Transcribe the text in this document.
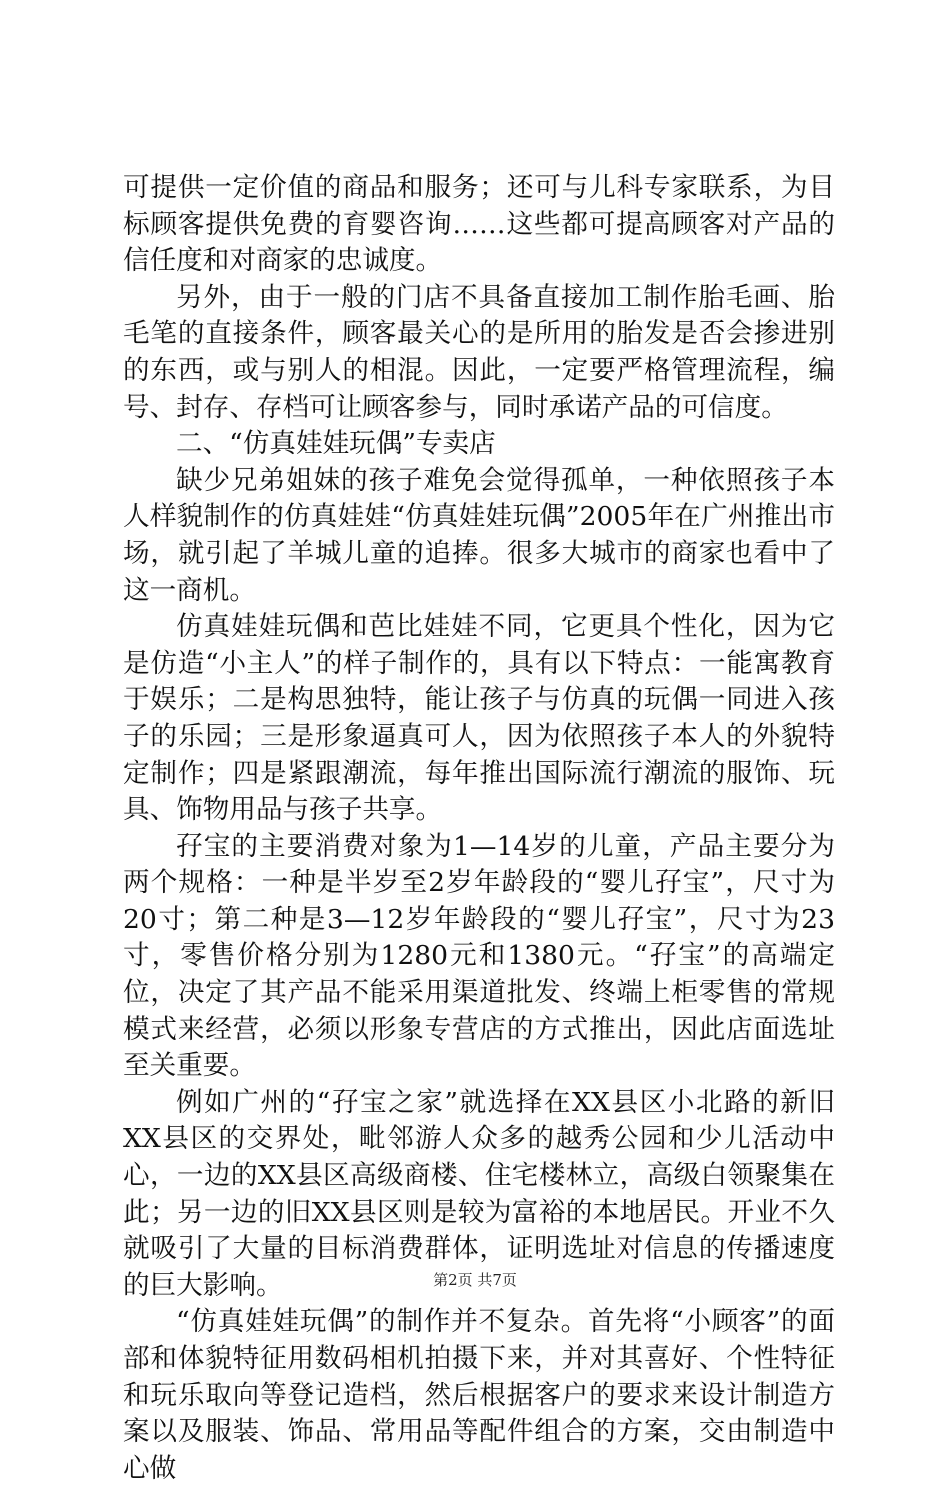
可提供一定价值的商品和服务；还可与儿科专家联系，为目标顾客提供免费的育婴咨询……这些都可提高顾客对产品的信任度和对商家的忠诚度。

另外，由于一般的门店不具备直接加工制作胎毛画、胎毛笔的直接条件，顾客最关心的是所用的胎发是否会掺进别的东西，或与别人的相混。因此，一定要严格管理流程，编号、封存、存档可让顾客参与，同时承诺产品的可信度。

二、“仿真娃娃玩偶”专卖店

缺少兄弟姐妹的孩子难免会觉得孤单，一种依照孩子本人样貌制作的仿真娃娃“仿真娃娃玩偶”2005年在广州推出市场，就引起了羊城儿童的追捧。很多大城市的商家也看中了这一商机。

仿真娃娃玩偶和芭比娃娃不同，它更具个性化，因为它是仿造“小主人”的样子制作的，具有以下特点：一能寓教育于娱乐；二是构思独特，能让孩子与仿真的玩偶一同进入孩子的乐园；三是形象逼真可人，因为依照孩子本人的外貌特定制作；四是紧跟潮流，每年推出国际流行潮流的服饰、玩具、饰物用品与孩子共享。

孖宝的主要消费对象为1—14岁的儿童，产品主要分为两个规格：一种是半岁至2岁年龄段的“婴儿孖宝”，尺寸为20寸；第二种是3—12岁年龄段的“婴儿孖宝”，尺寸为23寸，零售价格分别为1280元和1380元。“孖宝”的高端定位，决定了其产品不能采用渠道批发、终端上柜零售的常规模式来经营，必须以形象专营店的方式推出，因此店面选址至关重要。

例如广州的“孖宝之家”就选择在XX县区小北路的新旧XX县区的交界处，毗邻游人众多的越秀公园和少儿活动中心，一边的XX县区高级商楼、住宅楼林立，高级白领聚集在此；另一边的旧XX县区则是较为富裕的本地居民。开业不久就吸引了大量的目标消费群体，证明选址对信息的传播速度的巨大影响。

“仿真娃娃玩偶”的制作并不复杂。首先将“小顾客”的面部和体貌特征用数码相机拍摄下来，并对其喜好、个性特征和玩乐取向等登记造档，然后根据客户的要求来设计制造方案以及服装、饰品、常用品等配件组合的方案，交由制造中心做

第2页 共7页
